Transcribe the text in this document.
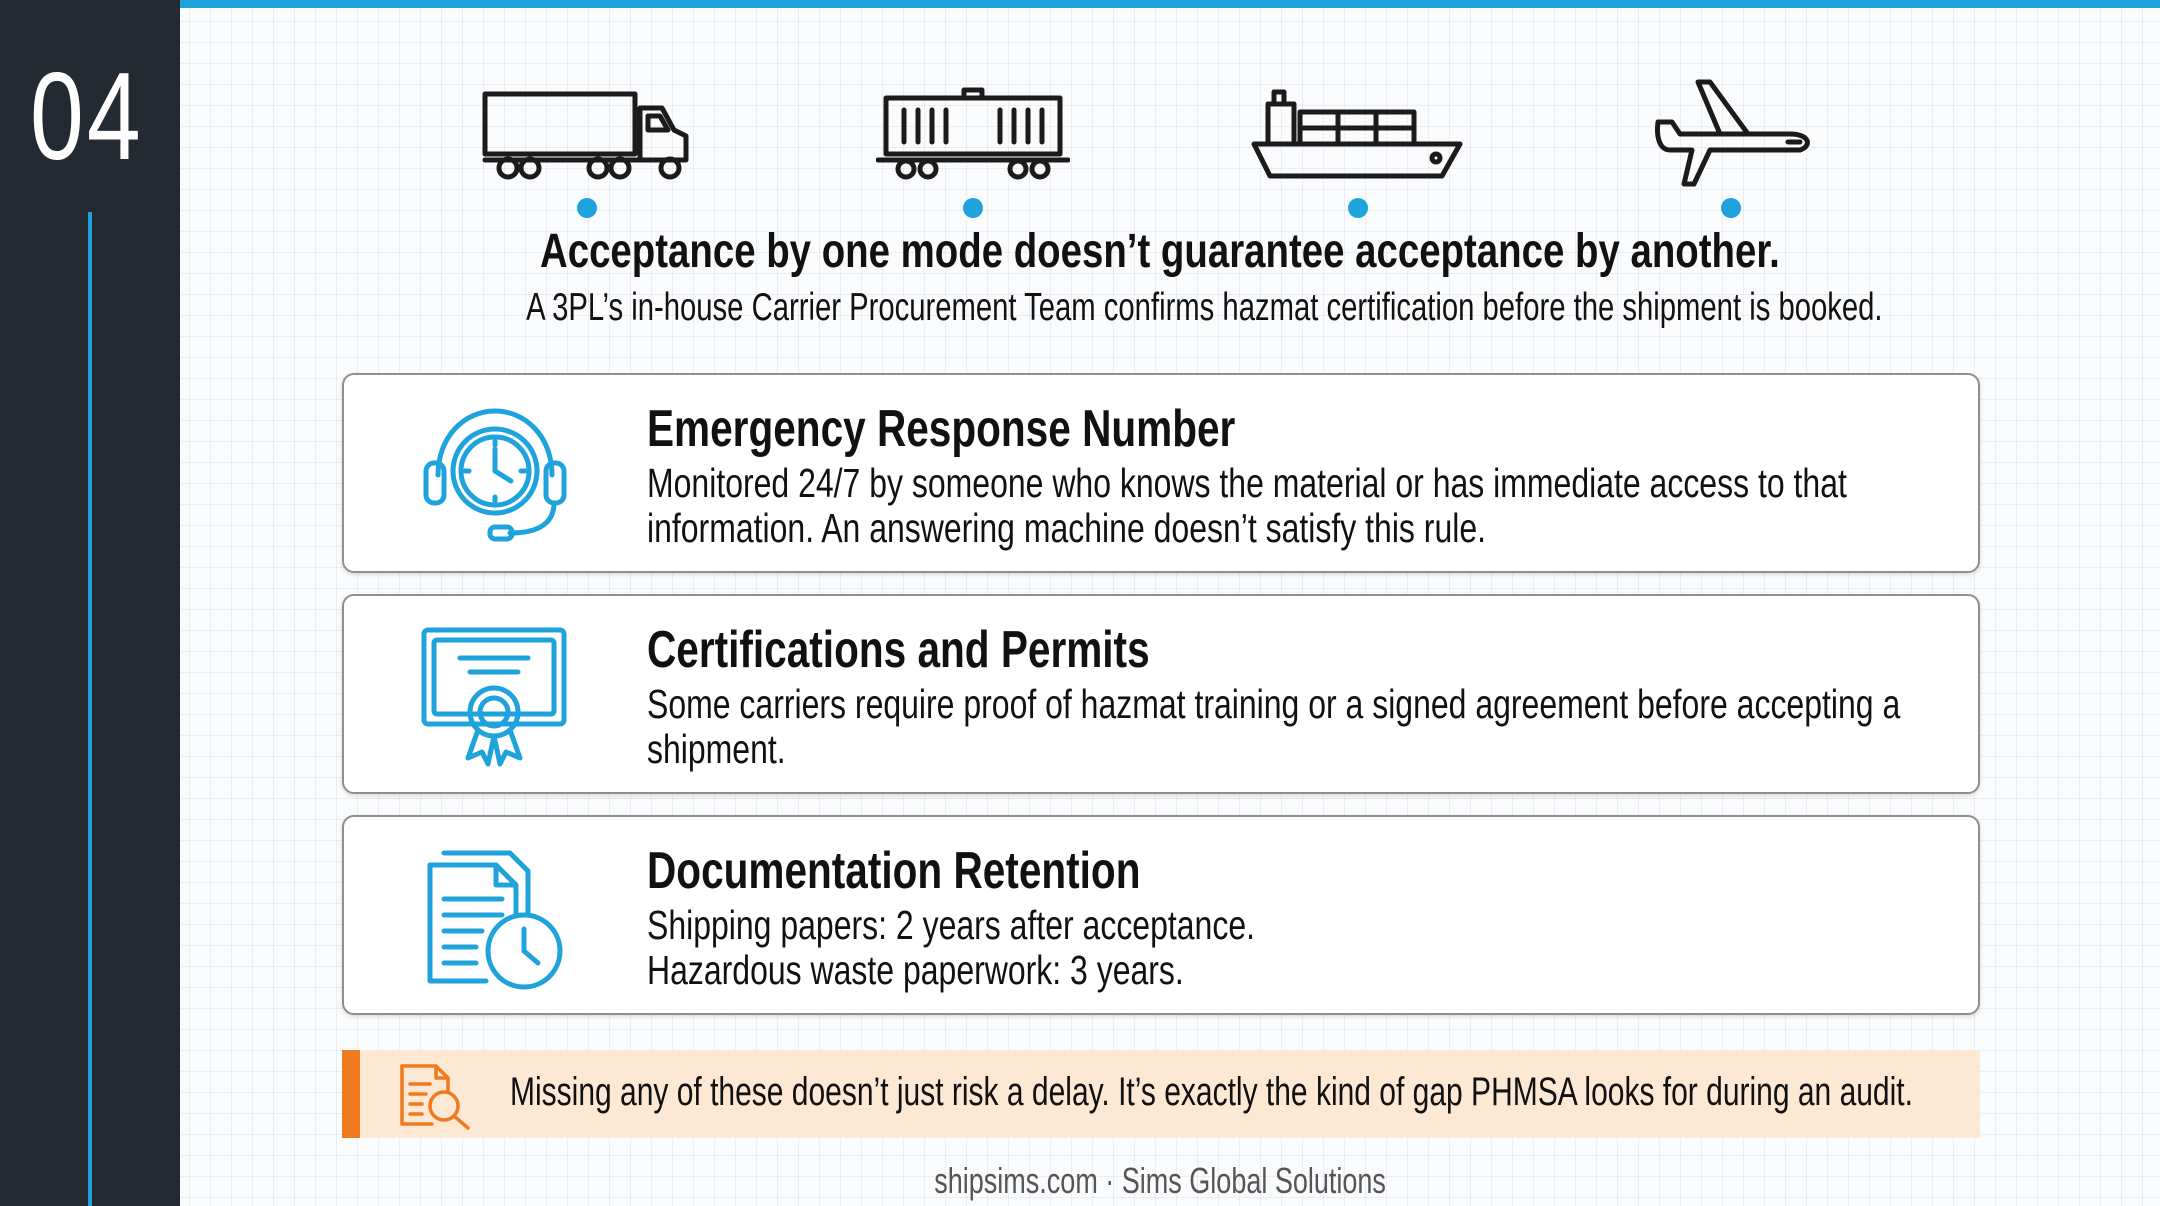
04
Acceptance by one mode doesn’t guarantee acceptance by another.
A 3PL’s in-house Carrier Procurement Team confirms hazmat certification before the shipment is booked.
Emergency Response Number
Monitored 24/7 by someone who knows the material or has immediate access to that information. An answering machine doesn’t satisfy this rule.
Certifications and Permits
Some carriers require proof of hazmat training or a signed agreement before accepting a shipment.
Documentation Retention
Shipping papers: 2 years after acceptance.
Hazardous waste paperwork: 3 years.
Missing any of these doesn’t just risk a delay. It’s exactly the kind of gap PHMSA looks for during an audit.
shipsims.com · Sims Global Solutions
